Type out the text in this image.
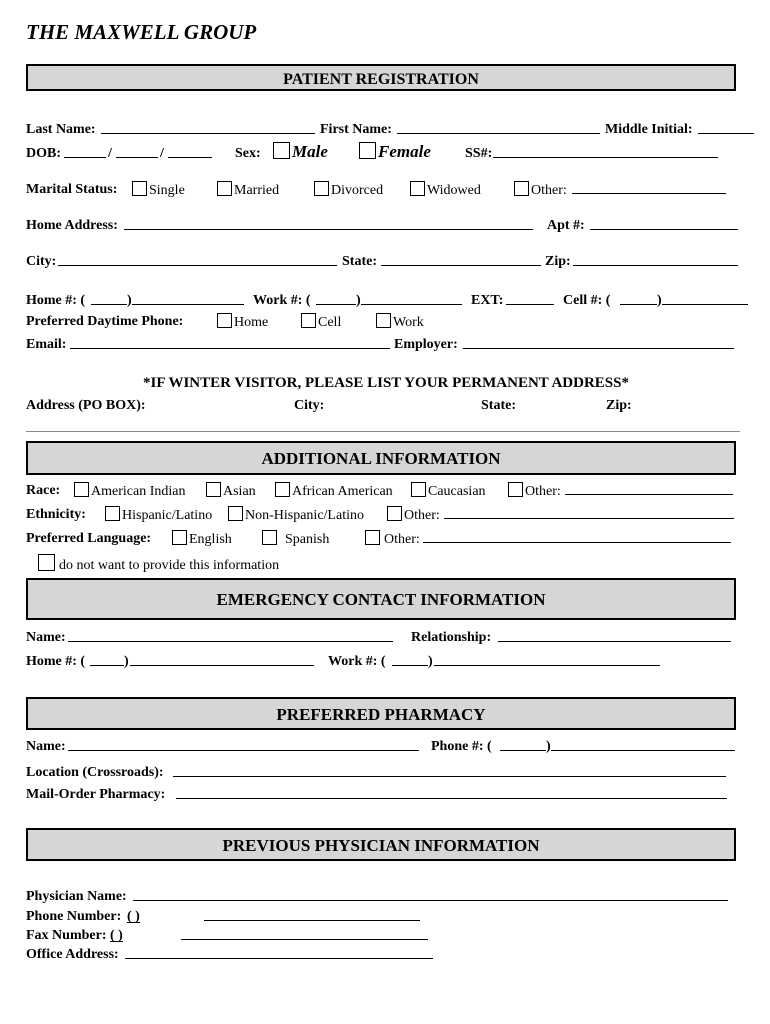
THE MAXWELL GROUP
PATIENT REGISTRATION
Last Name:	First Name:	Middle Initial:
DOB:	/	/	Sex:	Male	Female SS#:
Marital Status:	Single	Married	Divorced	Widowed	Other:
Home Address:	Apt #:
City:	State:	Zip:
Home #: (	)	Work #: (	)	EXT:	Cell #: (	)
Preferred Daytime Phone:	Home	Cell	Work
Email:	Employer:
*IF WINTER VISITOR, PLEASE LIST YOUR PERMANENT ADDRESS*
Address (PO BOX):	City:	State:	Zip:
ADDITIONAL INFORMATION
Race:	American Indian	Asian	African American	Caucasian	Other:
Ethnicity:	Hispanic/Latino	Non-Hispanic/Latino	Other:
Preferred Language:	English	Spanish	Other:
do not want to provide this information
EMERGENCY CONTACT INFORMATION
Name:	Relationship:
Home #: (	)	Work #: (	)
PREFERRED PHARMACY
Name:	Phone #: (	)
Location (Crossroads):
Mail-Order Pharmacy:
PREVIOUS PHYSICIAN INFORMATION
Physician Name:
Phone Number: ( )
Fax Number: ( )
Office Address:
